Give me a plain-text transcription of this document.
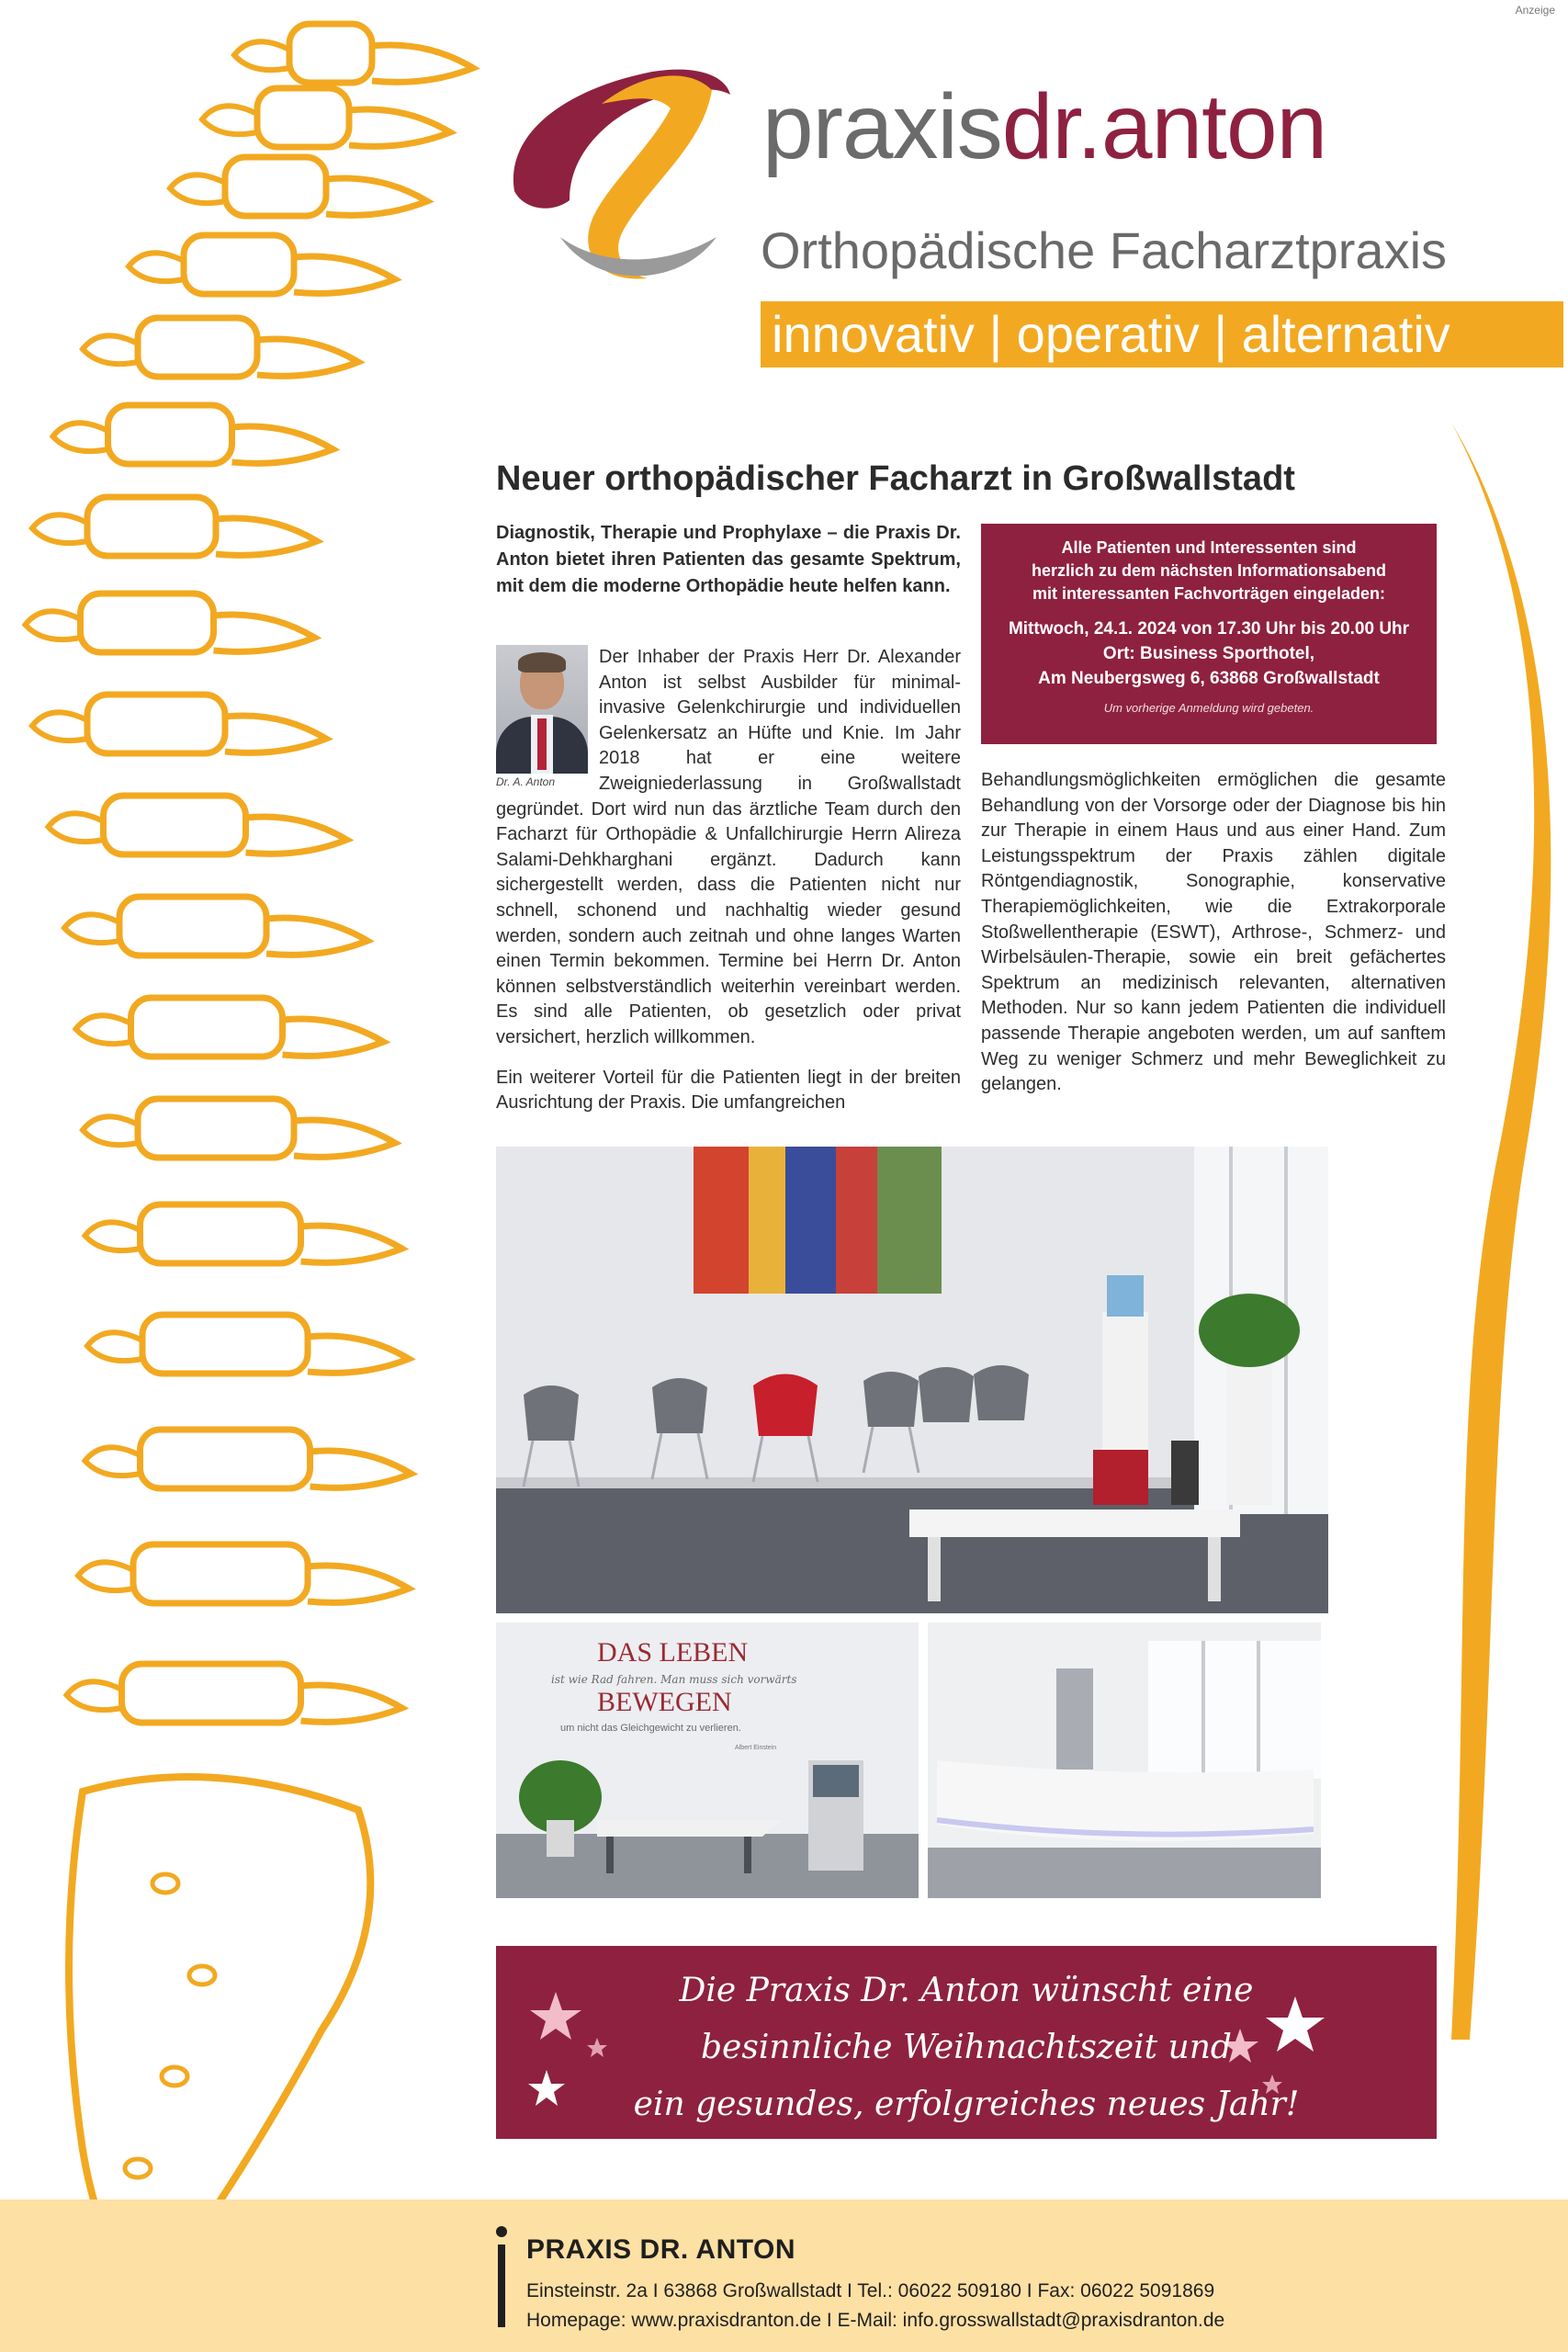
Anzeige
praxisdr.anton
Orthopädische Facharztpraxis
innovativ | operativ | alternativ
Neuer orthopädischer Facharzt in Großwallstadt
Diagnostik, Therapie und Prophylaxe – die Praxis Dr. Anton bietet ihren Patienten das gesamte Spektrum, mit dem die moderne Orthopädie heute helfen kann.
Alle Patienten und Interessenten sind
herzlich zu dem nächsten Informationsabend
mit interessanten Fachvorträgen eingeladen:
Mittwoch, 24.1. 2024 von 17.30 Uhr bis 20.00 Uhr
Ort: Business Sporthotel,
Am Neubergsweg 6, 63868 Großwallstadt
Um vorherige Anmeldung wird gebeten.
Dr. A. Anton

Der Inhaber der Praxis Herr Dr. Alexander Anton ist selbst Ausbilder für minimal-invasive Gelenkchirurgie und individuellen Gelenkersatz an Hüfte und Knie. Im Jahr 2018 hat er eine weitere Zweigniederlassung in Großwallstadt gegründet. Dort wird nun das ärztliche Team durch den Facharzt für Orthopädie & Unfallchirurgie Herrn Alireza Salami-Dehkharghani ergänzt. Dadurch kann sichergestellt werden, dass die Patienten nicht nur schnell, schonend und nachhaltig wieder gesund werden, sondern auch zeitnah und ohne langes Warten einen Termin bekommen. Termine bei Herrn Dr. Anton können selbstverständlich weiterhin vereinbart werden. Es sind alle Patienten, ob gesetzlich oder privat versichert, herzlich willkommen.

Ein weiterer Vorteil für die Patienten liegt in der breiten Ausrichtung der Praxis. Die umfangreichen

Behandlungsmöglichkeiten ermöglichen die gesamte Behandlung von der Vorsorge oder der Diagnose bis hin zur Therapie in einem Haus und aus einer Hand. Zum Leistungsspektrum der Praxis zählen digitale Röntgendiagnostik, Sonographie, konservative Therapiemöglichkeiten, wie die Extrakorporale Stoßwellentherapie (ESWT), Arthrose-, Schmerz- und Wirbelsäulen-Therapie, sowie ein breit gefächertes Spektrum an medizinisch relevanten, alternativen Methoden. Nur so kann jedem Patienten die individuell passende Therapie angeboten werden, um auf sanftem Weg zu weniger Schmerz und mehr Beweglichkeit zu gelangen.

DAS LEBEN
ist wie Rad fahren. Man muss sich vorwärts
BEWEGEN
um nicht das Gleichgewicht zu verlieren.
Albert Einstein
Die Praxis Dr. Anton wünscht eine
besinnliche Weihnachtszeit und
ein gesundes, erfolgreiches neues Jahr!
PRAXIS DR. ANTON
Einsteinstr. 2a I 63868 Großwallstadt I Tel.: 06022 509180 I Fax: 06022 5091869
Homepage: www.praxisdranton.de I E-Mail: info.grosswallstadt@praxisdranton.de
